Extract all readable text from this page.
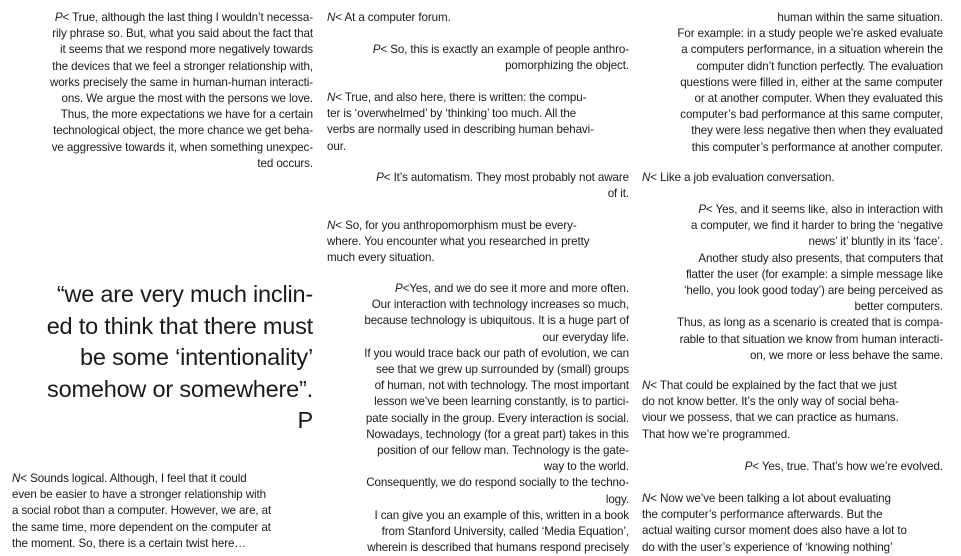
P< True, although the last thing I wouldn’t necessa-
rily phrase so. But, what you said about the fact that
it seems that we respond more negatively towards
the devices that we feel a stronger relationship with,
works precisely the same in human-human interacti-
ons. We argue the most with the persons we love.
Thus, the more expectations we have for a certain
technological object, the more chance we get beha-
ve aggressive towards it, when something unexpec-
ted occurs.

“we are very much inclin-
ed to think that there must
be some ‘intentionality’
somehow or somewhere”.
P

N< Sounds logical. Although, I feel that it could
even be easier to have a stronger relationship with
a social robot than a computer. However, we are, at
the same time, more dependent on the computer at
the moment. So, there is a certain twist here…

N< At a computer forum.

P< So, this is exactly an example of people anthro-
pomorphizing the object.

N< True, and also here, there is written: the compu-
ter is ‘overwhelmed’ by ‘thinking’ too much. All the
verbs are normally used in describing human behavi-
our.

P< It’s automatism. They most probably not aware
of it.

N< So, for you anthropomorphism must be every-
where. You encounter what you researched in pretty
much every situation.

P<Yes, and we do see it more and more often.
Our interaction with technology increases so much,
because technology is ubiquitous. It is a huge part of
our everyday life.
If you would trace back our path of evolution, we can
see that we grew up surrounded by (small) groups
of human, not with technology. The most important
lesson we’ve been learning constantly, is to partici-
pate socially in the group. Every interaction is social.
Nowadays, technology (for a great part) takes in this
position of our fellow man. Technology is the gate-
way to the world.
Consequently, we do respond socially to the techno-
logy.
I can give you an example of this, written in a book
from Stanford University, called ‘Media Equation’,
wherein is described that humans respond precisely

human within the same situation.
For example: in a study people we’re asked evaluate
a computers performance, in a situation wherein the
computer didn’t function perfectly. The evaluation
questions were filled in, either at the same computer
or at another computer. When they evaluated this
computer’s bad performance at this same computer,
they were less negative then when they evaluated
this computer’s performance at another computer.

N< Like a job evaluation conversation.

P< Yes, and it seems like, also in interaction with
a computer, we find it harder to bring the ‘negative
news’ it’ bluntly in its ‘face’.
Another study also presents, that computers that
flatter the user (for example: a simple message like
‘hello, you look good today’) are being perceived as
better computers.
Thus, as long as a scenario is created that is compa-
rable to that situation we know from human interacti-
on, we more or less behave the same.

N< That could be explained by the fact that we just
do not know better. It’s the only way of social beha-
viour we possess, that we can practice as humans.
That how we’re programmed.

P< Yes, true. That’s how we’re evolved.

N< Now we’ve been talking a lot about evaluating
the computer’s performance afterwards. But the
actual waiting cursor moment does also have a lot to
do with the user’s experience of ‘knowing nothing’
